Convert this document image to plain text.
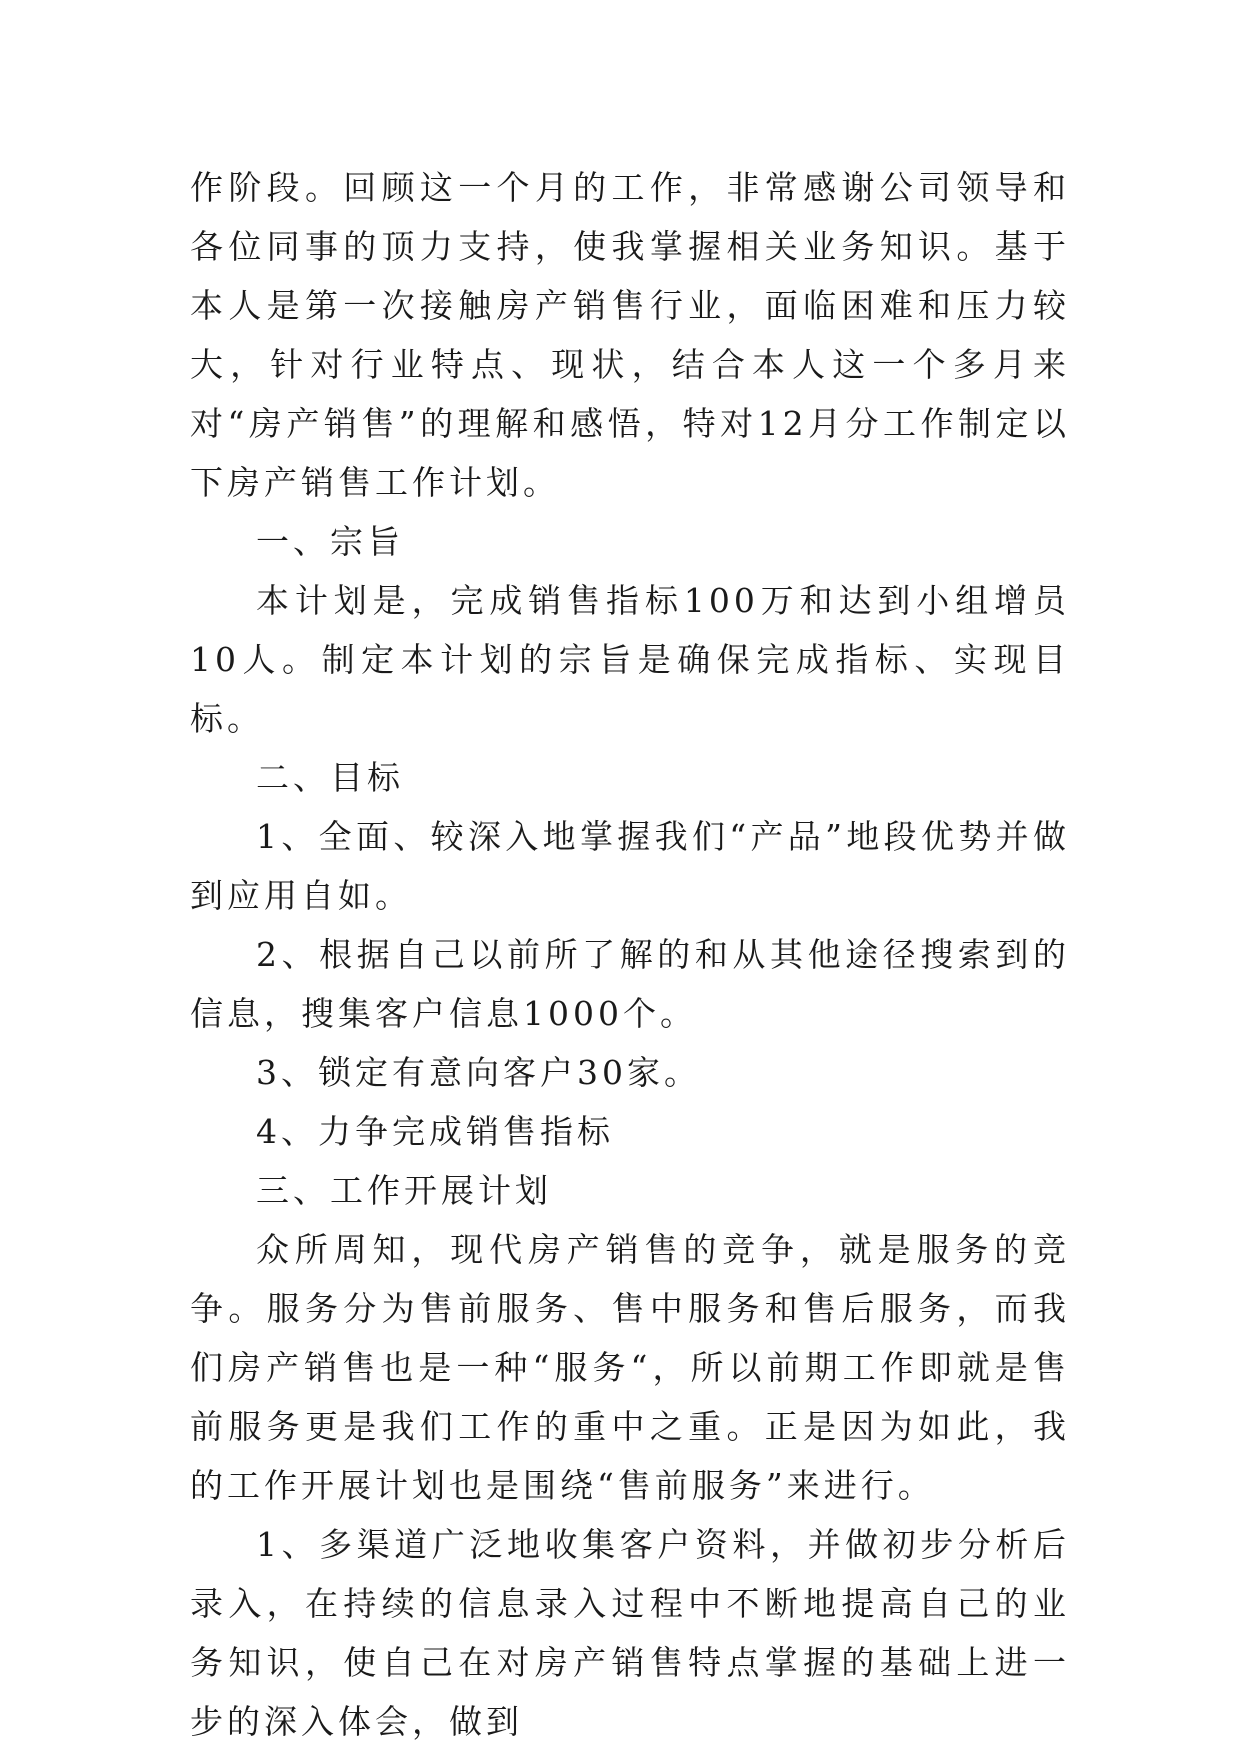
作阶段。回顾这一个月的工作，非常感谢公司领导和各位同事的顶力支持，使我掌握相关业务知识。基于本人是第一次接触房产销售行业，面临困难和压力较大，针对行业特点、现状，结合本人这一个多月来对“房产销售”的理解和感悟，特对12月分工作制定以下房产销售工作计划。

一、宗旨

本计划是，完成销售指标100万和达到小组增员10人。制定本计划的宗旨是确保完成指标、实现目标。

二、目标

1、全面、较深入地掌握我们“产品”地段优势并做到应用自如。

2、根据自己以前所了解的和从其他途径搜索到的信息，搜集客户信息1000个。

3、锁定有意向客户30家。

4、力争完成销售指标

三、工作开展计划

众所周知，现代房产销售的竞争，就是服务的竞争。服务分为售前服务、售中服务和售后服务，而我们房产销售也是一种“服务“，所以前期工作即就是售前服务更是我们工作的重中之重。正是因为如此，我的工作开展计划也是围绕“售前服务”来进行。

1、多渠道广泛地收集客户资料，并做初步分析后录入，在持续的信息录入过程中不断地提高自己的业务知识，使自己在对房产销售特点掌握的基础上进一步的深入体会，做到
